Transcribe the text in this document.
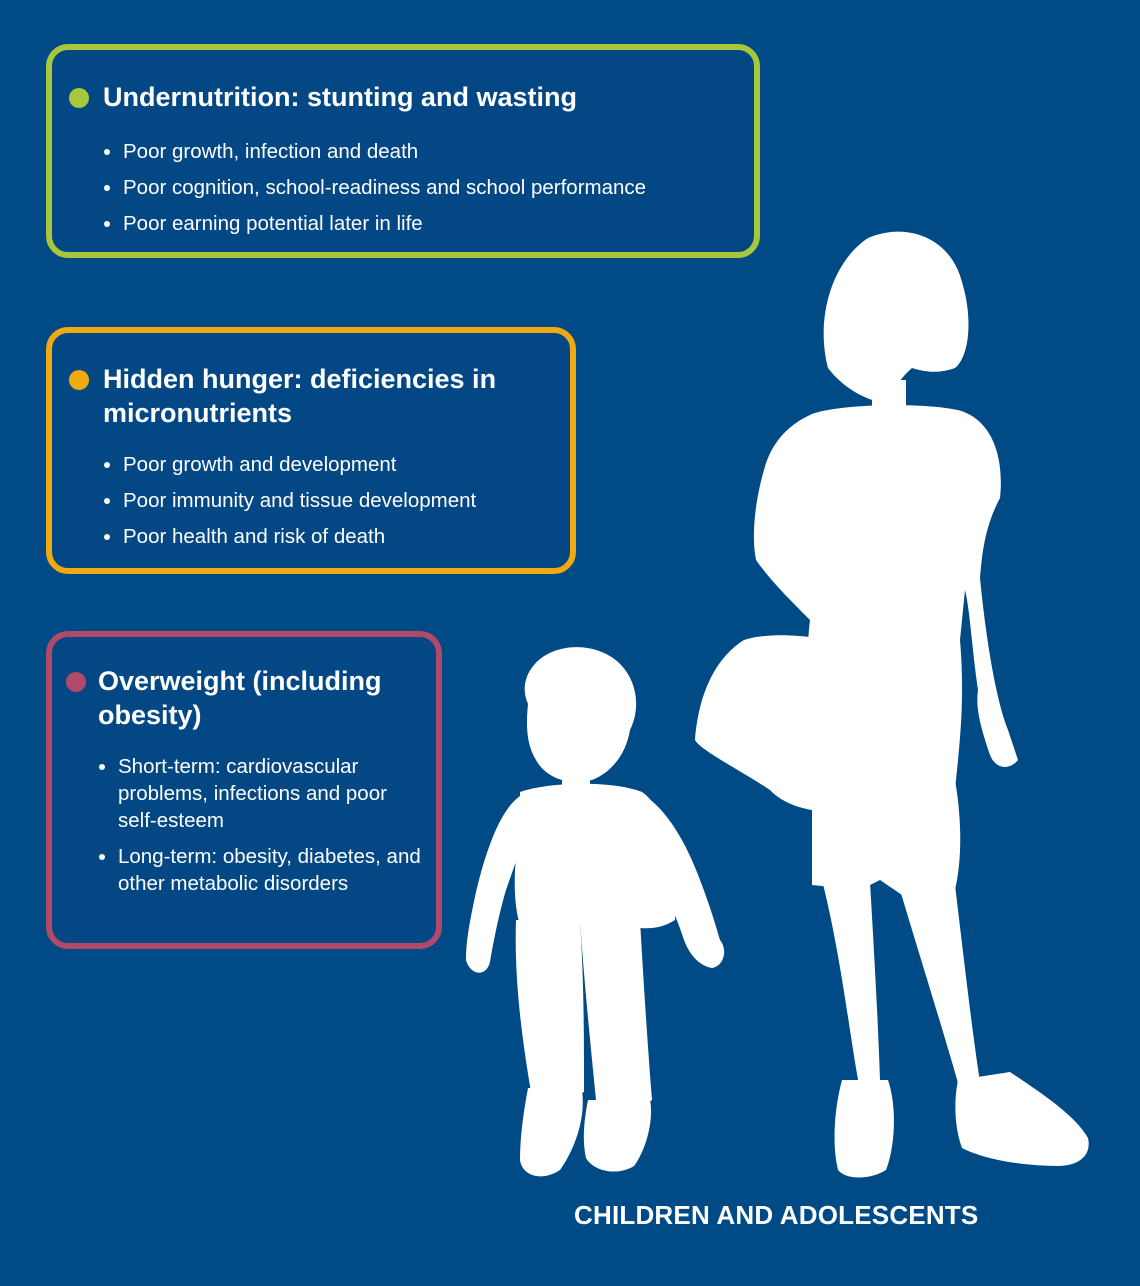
Undernutrition: stunting and wasting
Poor growth, infection and death
Poor cognition, school-readiness and school performance
Poor earning potential later in life
Hidden hunger: deficiencies in micronutrients
Poor growth and development
Poor immunity and tissue development
Poor health and risk of death
Overweight (including obesity)
Short-term: cardiovascular problems, infections and poor self-esteem
Long-term: obesity, diabetes, and other metabolic disorders
CHILDREN AND ADOLESCENTS
